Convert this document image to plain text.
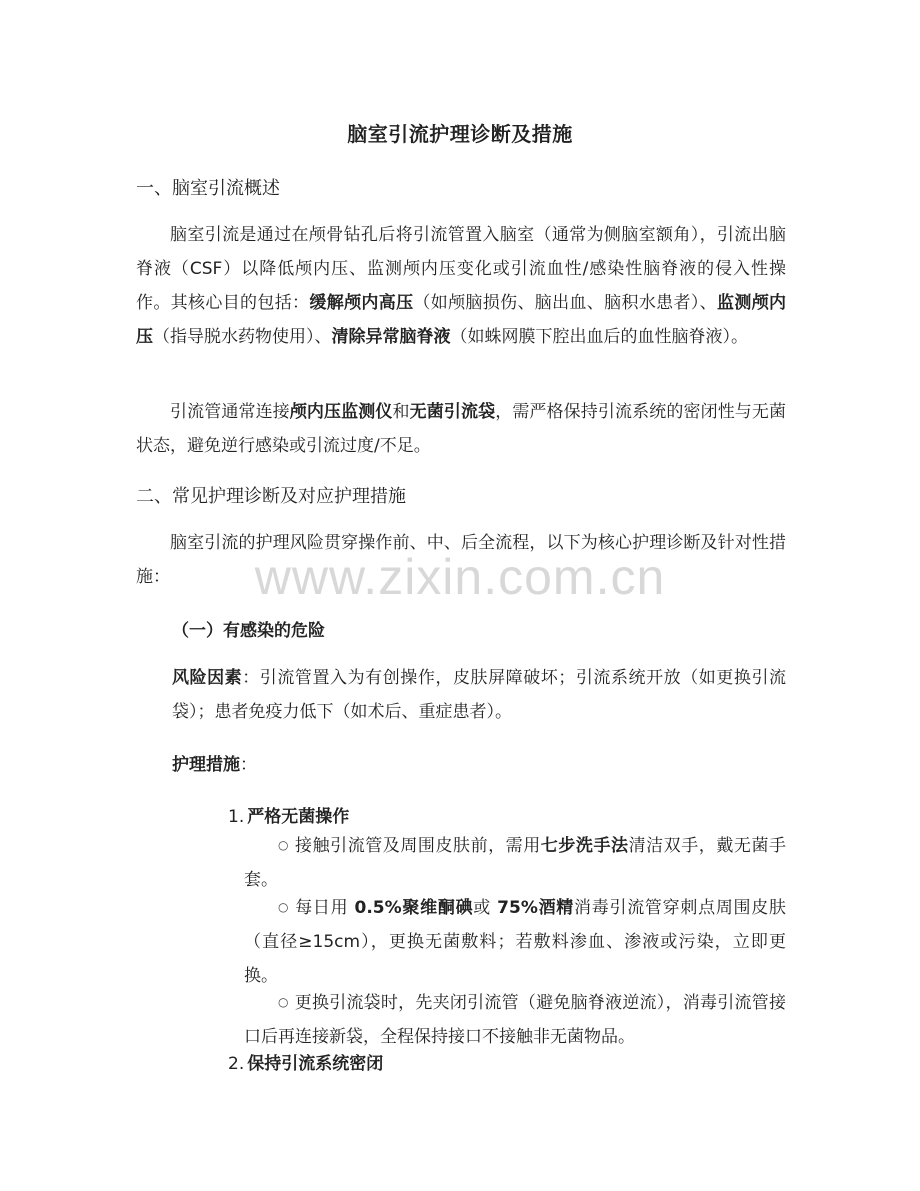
www.zixin.com.cn
脑室引流护理诊断及措施
一、脑室引流概述

脑室引流是通过在颅骨钻孔后将引流管置入脑室（通常为侧脑室额角），引流出脑脊液（CSF）以降低颅内压、监测颅内压变化或引流血性/感染性脑脊液的侵入性操作。其核心目的包括：缓解颅内高压（如颅脑损伤、脑出血、脑积水患者）、监测颅内压（指导脱水药物使用）、清除异常脑脊液（如蛛网膜下腔出血后的血性脑脊液）。

引流管通常连接颅内压监测仪和无菌引流袋，需严格保持引流系统的密闭性与无菌状态，避免逆行感染或引流过度/不足。

二、常见护理诊断及对应护理措施

脑室引流的护理风险贯穿操作前、中、后全流程，以下为核心护理诊断及针对性措施：

（一）有感染的危险

风险因素：引流管置入为有创操作，皮肤屏障破坏；引流系统开放（如更换引流袋）；患者免疫力低下（如术后、重症患者）。

护理措施：
1. 严格无菌操作

○ 接触引流管及周围皮肤前，需用七步洗手法清洁双手，戴无菌手套。

○ 每日用 0.5%聚维酮碘或 75%酒精消毒引流管穿刺点周围皮肤（直径≥15cm），更换无菌敷料；若敷料渗血、渗液或污染，立即更换。

○ 更换引流袋时，先夹闭引流管（避免脑脊液逆流），消毒引流管接口后再连接新袋，全程保持接口不接触非无菌物品。

2. 保持引流系统密闭
